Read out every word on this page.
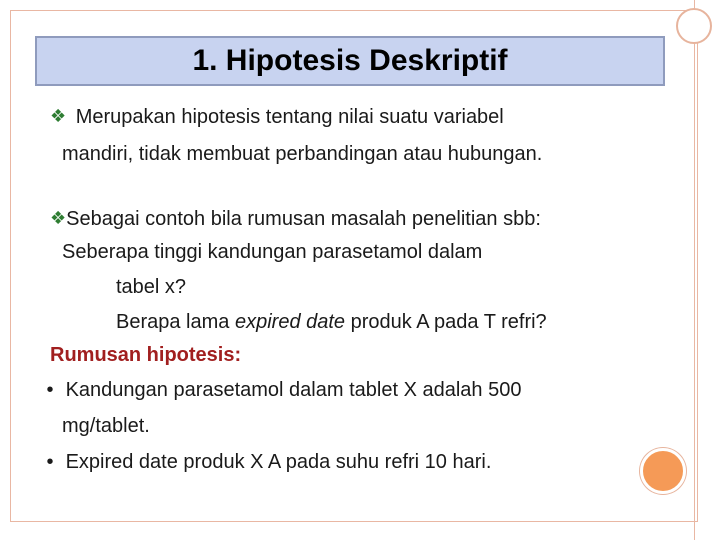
1. Hipotesis Deskriptif
❖ Merupakan hipotesis tentang nilai suatu variabel
mandiri, tidak membuat perbandingan atau hubungan.
❖Sebagai contoh bila rumusan masalah penelitian sbb:
Seberapa tinggi kandungan parasetamol dalam
tabel x?
Berapa lama expired date produk A pada T refri?
Rumusan hipotesis:
• Kandungan parasetamol dalam tablet X adalah 500
mg/tablet.
• Expired date produk X A pada suhu refri 10 hari.
